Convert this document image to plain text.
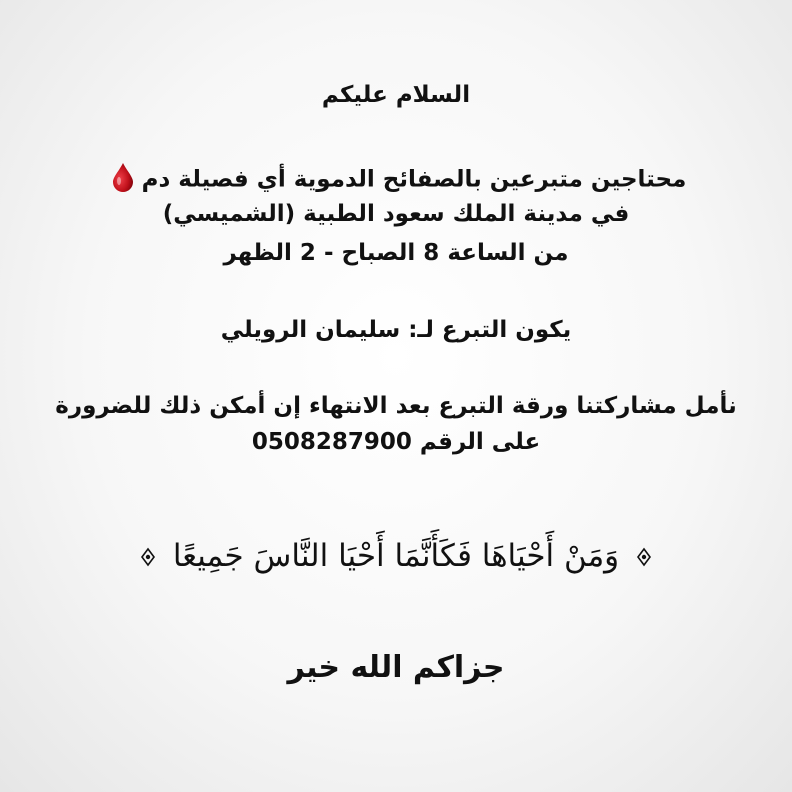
السلام عليكم
محتاجين متبرعين بالصفائح الدموية أي فصيلة دم
في مدينة الملك سعود الطبية (الشميسي)
من الساعة 8 الصباح - 2 الظهر
يكون التبرع لـ: سليمان الرويلي
نأمل مشاركتنا ورقة التبرع بعد الانتهاء إن أمكن ذلك للضرورة
على الرقم 0508287900
وَمَنْ أَحْيَاهَا فَكَأَنَّمَا أَحْيَا النَّاسَ جَمِيعًا
جزاكم الله خير
